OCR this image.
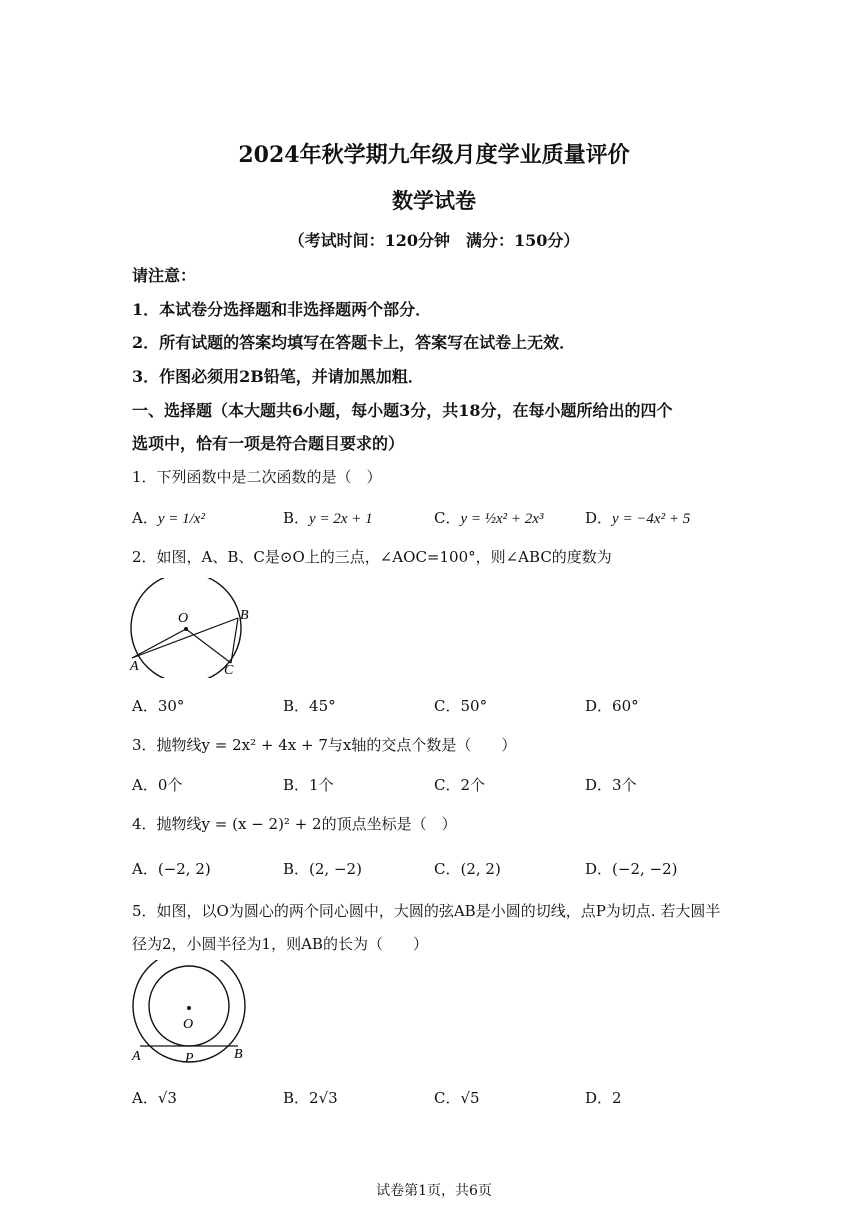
2024年秋学期九年级月度学业质量评价
数学试卷
（考试时间：120分钟　满分：150分）
请注意：
1．本试卷分选择题和非选择题两个部分．
2．所有试题的答案均填写在答题卡上，答案写在试卷上无效．
3．作图必须用2B铅笔，并请加黑加粗．
一、选择题（本大题共6小题，每小题3分，共18分，在每小题所给出的四个
选项中，恰有一项是符合题目要求的）
1．下列函数中是二次函数的是（　）
A．y = 1/x²	B．y = 2x + 1	C．y = ½x² + 2x³	D．y = −4x² + 5
2．如图，A、B、C是⊙O上的三点，∠AOC=100°，则∠ABC的度数为
O	B
A	C
A．30°	B．45°	C．50°	D．60°
3．抛物线y = 2x² + 4x + 7与x轴的交点个数是（　　）
A．0个	B．1个	C．2个	D．3个
4．抛物线y = (x − 2)² + 2的顶点坐标是（　）
A．(−2, 2)	B．(2, −2)	C．(2, 2)	D．(−2, −2)
5．如图，以O为圆心的两个同心圆中，大圆的弦AB是小圆的切线，点P为切点. 若大圆半
径为2，小圆半径为1，则AB的长为（　　）
O
A	P	B
A．√3	B．2√3	C．√5	D．2
试卷第1页，共6页
